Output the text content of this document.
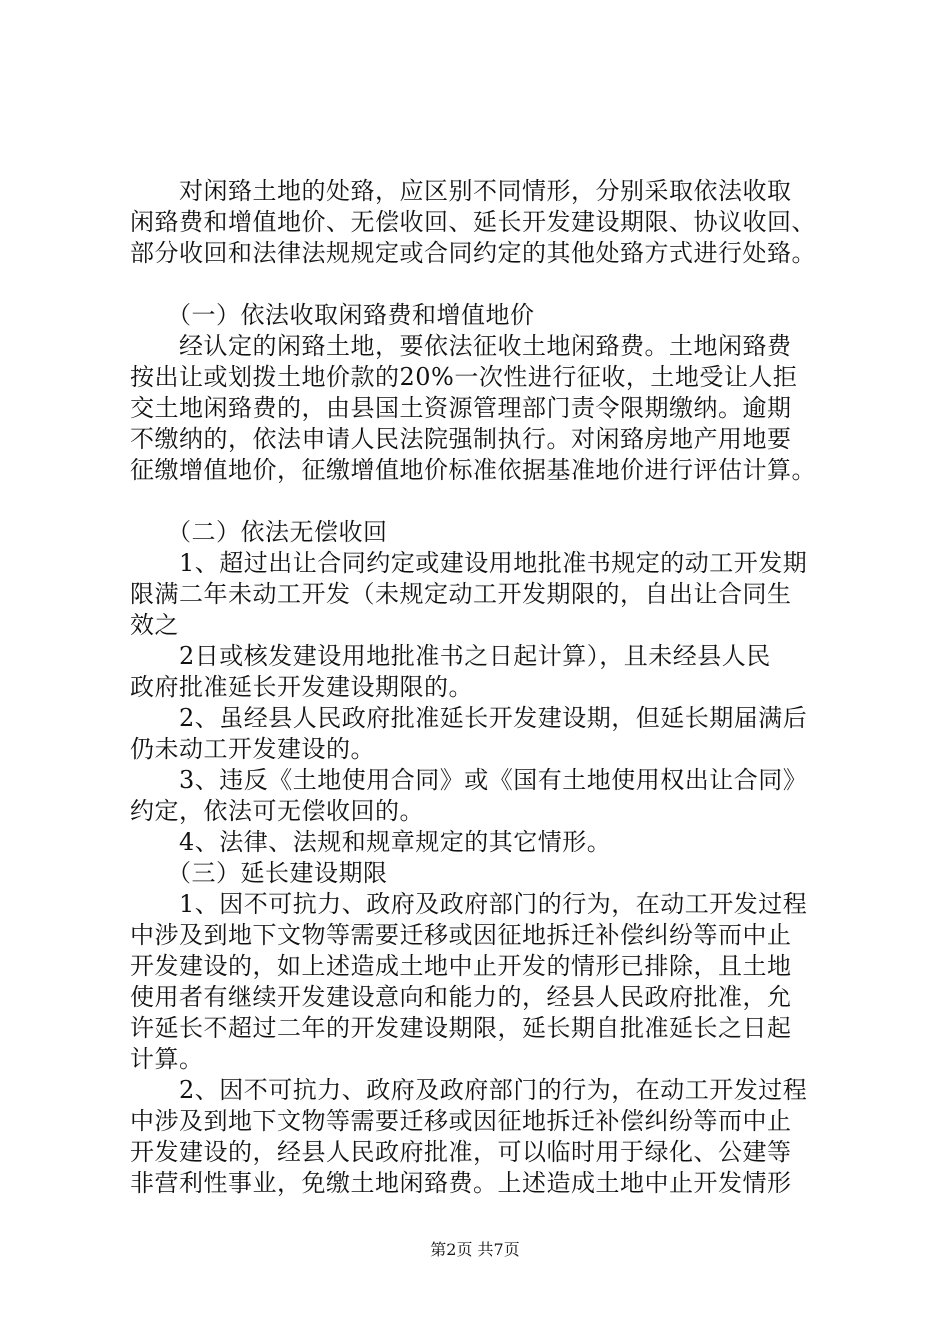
　　对闲臵土地的处臵，应区别不同情形，分别采取依法收取
闲臵费和增值地价、无偿收回、延长开发建设期限、协议收回、
部分收回和法律法规规定或合同约定的其他处臵方式进行处臵。
　　（一）依法收取闲臵费和增值地价
　　经认定的闲臵土地，要依法征收土地闲臵费。土地闲臵费
按出让或划拨土地价款的20%一次性进行征收，土地受让人拒
交土地闲臵费的，由县国土资源管理部门责令限期缴纳。逾期
不缴纳的，依法申请人民法院强制执行。对闲臵房地产用地要
征缴增值地价，征缴增值地价标准依据基准地价进行评估计算。
　　（二）依法无偿收回
　　1、超过出让合同约定或建设用地批准书规定的动工开发期
限满二年未动工开发（未规定动工开发期限的，自出让合同生
效之
　　2日或核发建设用地批准书之日起计算），且未经县人民
政府批准延长开发建设期限的。
　　2、虽经县人民政府批准延长开发建设期，但延长期届满后
仍未动工开发建设的。
　　3、违反《土地使用合同》或《国有土地使用权出让合同》
约定，依法可无偿收回的。
　　4、法律、法规和规章规定的其它情形。
　　（三）延长建设期限
　　1、因不可抗力、政府及政府部门的行为，在动工开发过程
中涉及到地下文物等需要迁移或因征地拆迁补偿纠纷等而中止
开发建设的，如上述造成土地中止开发的情形已排除，且土地
使用者有继续开发建设意向和能力的，经县人民政府批准，允
许延长不超过二年的开发建设期限，延长期自批准延长之日起
计算。
　　2、因不可抗力、政府及政府部门的行为，在动工开发过程
中涉及到地下文物等需要迁移或因征地拆迁补偿纠纷等而中止
开发建设的，经县人民政府批准，可以临时用于绿化、公建等
非营利性事业，免缴土地闲臵费。上述造成土地中止开发情形
第2页 共7页
